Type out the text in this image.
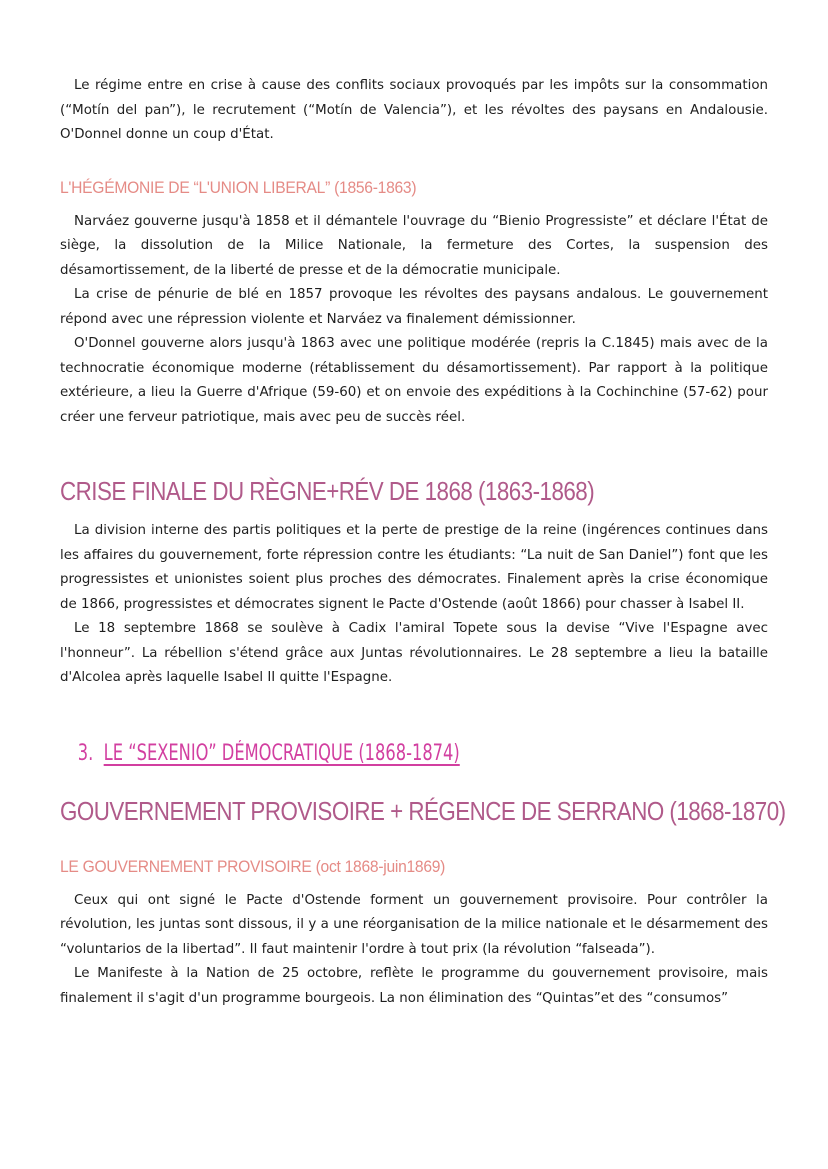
Le régime entre en crise à cause des conflits sociaux provoqués par les impôts sur la consommation (“Motín del pan”), le recrutement (“Motín de Valencia”), et les révoltes des paysans en Andalousie. O'Donnel donne un coup d'État.

L'HÉGÉMONIE DE “L'UNION LIBERAL” (1856-1863)

Narváez gouverne jusqu'à 1858 et il démantele l'ouvrage du “Bienio Progressiste” et déclare l'État de siège, la dissolution de la Milice Nationale, la fermeture des Cortes, la suspension des désamortissement, de la liberté de presse et de la démocratie municipale.

La crise de pénurie de blé en 1857 provoque les révoltes des paysans andalous. Le gouvernement répond avec une répression violente et Narváez va finalement démissionner.

O'Donnel gouverne alors jusqu'à 1863 avec une politique modérée (repris la C.1845) mais avec de la technocratie économique moderne (rétablissement du désamortissement). Par rapport à la politique extérieure, a lieu la Guerre d'Afrique (59-60) et on envoie des expéditions à la Cochinchine (57-62) pour créer une ferveur patriotique, mais avec peu de succès réel.

CRISE FINALE DU RÈGNE+RÉV DE 1868 (1863-1868)

La division interne des partis politiques et la perte de prestige de la reine (ingérences continues dans les affaires du gouvernement, forte répression contre les étudiants: “La nuit de San Daniel”) font que les progressistes et unionistes soient plus proches des démocrates. Finalement après la crise économique de 1866, progressistes et démocrates signent le Pacte d'Ostende (août 1866) pour chasser à Isabel II.

Le 18 septembre 1868 se soulève à Cadix l'amiral Topete sous la devise “Vive l'Espagne avec l'honneur”. La rébellion s'étend grâce aux Juntas révolutionnaires. Le 28 septembre a lieu la bataille d'Alcolea après laquelle Isabel II quitte l'Espagne.

3. LE “SEXENIO” DÉMOCRATIQUE (1868-1874)
GOUVERNEMENT PROVISOIRE + RÉGENCE DE SERRANO (1868-1870)
LE GOUVERNEMENT PROVISOIRE (oct 1868-juin1869)

Ceux qui ont signé le Pacte d'Ostende forment un gouvernement provisoire. Pour contrôler la révolution, les juntas sont dissous, il y a une réorganisation de la milice nationale et le désarmement des “voluntarios de la libertad”. Il faut maintenir l'ordre à tout prix (la révolution “falseada”).

Le Manifeste à la Nation de 25 octobre, reflète le programme du gouvernement provisoire, mais finalement il s'agit d'un programme bourgeois. La non élimination des “Quintas”et des “consumos”
